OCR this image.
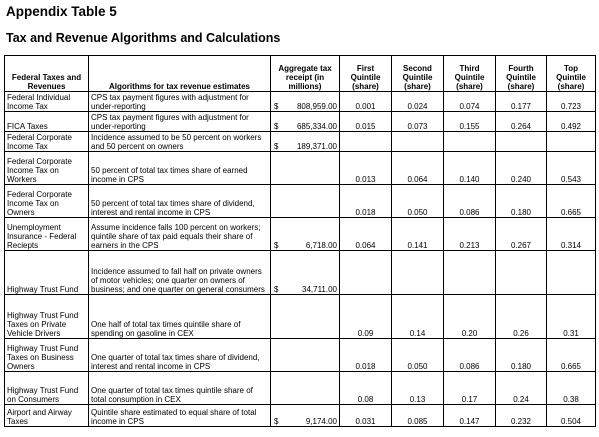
Appendix Table 5
Tax and Revenue Algorithms and Calculations
Federal Taxes and Revenues	Algorithms for tax revenue estimates	Aggregate tax receipt (in millions)	First Quintile (share)	Second Quintile (share)	Third Quintile (share)	Fourth Quintile (share)	Top Quintile (share)
Federal Individual Income Tax	CPS tax payment figures with adjustment for under-reporting	$ 808,959.00	0.001	0.024	0.074	0.177	0.723
FICA Taxes	CPS tax payment figures with adjustment for under-reporting	$ 685,334.00	0.015	0.073	0.155	0.264	0.492
Federal Corporate Income Tax	Incidence assumed to be 50 percent on workers and 50 percent on owners	$ 189,371.00					
Federal Corporate Income Tax on Workers	50 percent of total tax times share of earned income in CPS		0.013	0.064	0.140	0.240	0.543
Federal Corporate Income Tax on Owners	50 percent of total tax times share of dividend, interest and rental income in CPS		0.018	0.050	0.086	0.180	0.665
Unemployment Insurance - Federal Reciepts	Assume incidence falls 100 percent on workers; quintile share of tax paid equals their share of earners in the CPS	$ 6,718.00	0.064	0.141	0.213	0.267	0.314
Highway Trust Fund	Incidence assumed to fall half on private owners of motor vehicles; one quarter on owners of business; and one quarter on general consumers	$ 34,711.00					
Highway Trust Fund Taxes on Private Vehicle Drivers	One half of total tax times quintile share of spending on gasoline in CEX		0.09	0.14	0.20	0.26	0.31
Highway Trust Fund Taxes on Business Owners	One quarter of total tax times share of dividend, interest and rental income in CPS		0.018	0.050	0.086	0.180	0.665
Highway Trust Fund on Consumers	One quarter of total tax times quintile share of total consumption in CEX		0.08	0.13	0.17	0.24	0.38
Airport and Airway Taxes	Quintile share estimated to equal share of total income in CPS	$ 9,174.00	0.031	0.085	0.147	0.232	0.504
